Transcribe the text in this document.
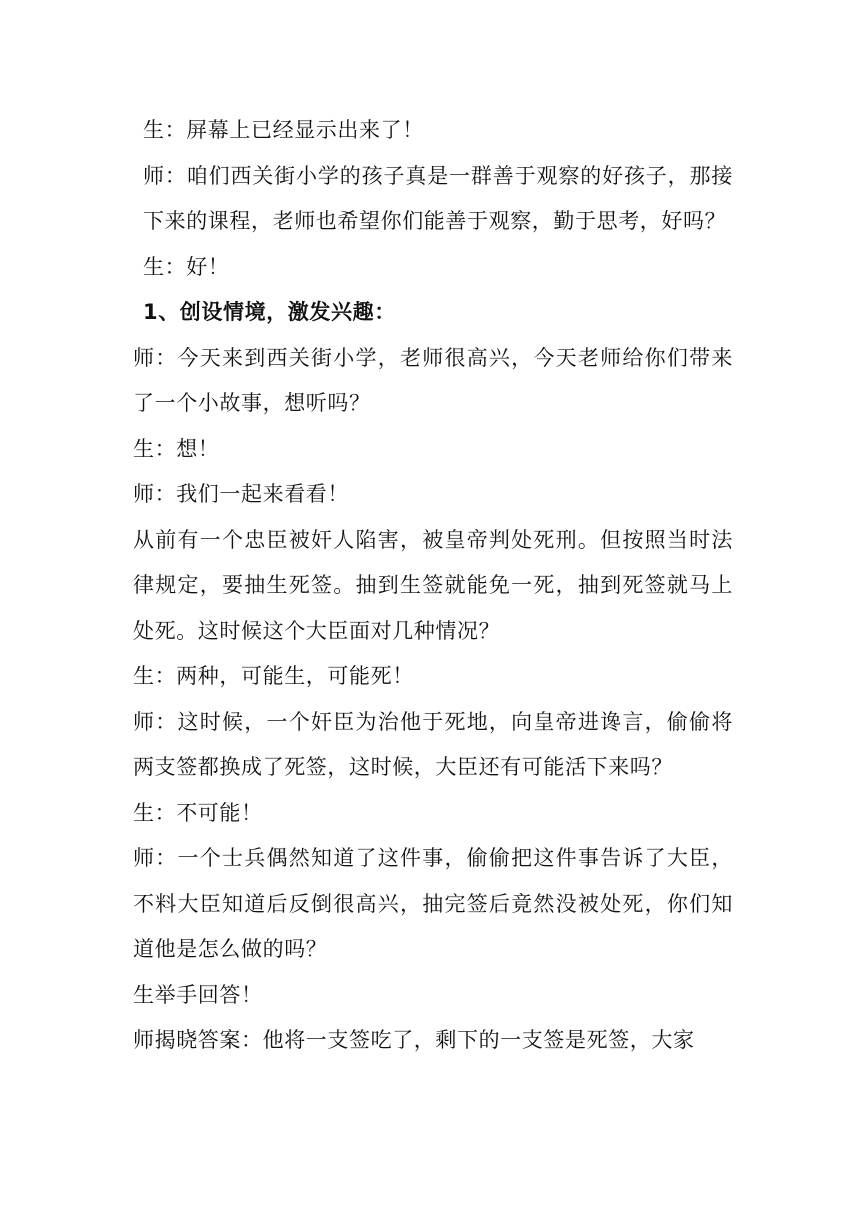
生：屏幕上已经显示出来了！

师：咱们西关街小学的孩子真是一群善于观察的好孩子，那接下来的课程，老师也希望你们能善于观察，勤于思考，好吗？

生：好！

1、创设情境，激发兴趣：

师：今天来到西关街小学，老师很高兴，今天老师给你们带来了一个小故事，想听吗？

生：想！

师：我们一起来看看！

从前有一个忠臣被奸人陷害，被皇帝判处死刑。但按照当时法律规定，要抽生死签。抽到生签就能免一死，抽到死签就马上处死。这时候这个大臣面对几种情况？

生：两种，可能生，可能死！

师：这时候，一个奸臣为治他于死地，向皇帝进谗言，偷偷将两支签都换成了死签，这时候，大臣还有可能活下来吗？

生：不可能！

师：一个士兵偶然知道了这件事，偷偷把这件事告诉了大臣，不料大臣知道后反倒很高兴，抽完签后竟然没被处死，你们知道他是怎么做的吗？

生举手回答！

师揭晓答案：他将一支签吃了，剩下的一支签是死签，大家
